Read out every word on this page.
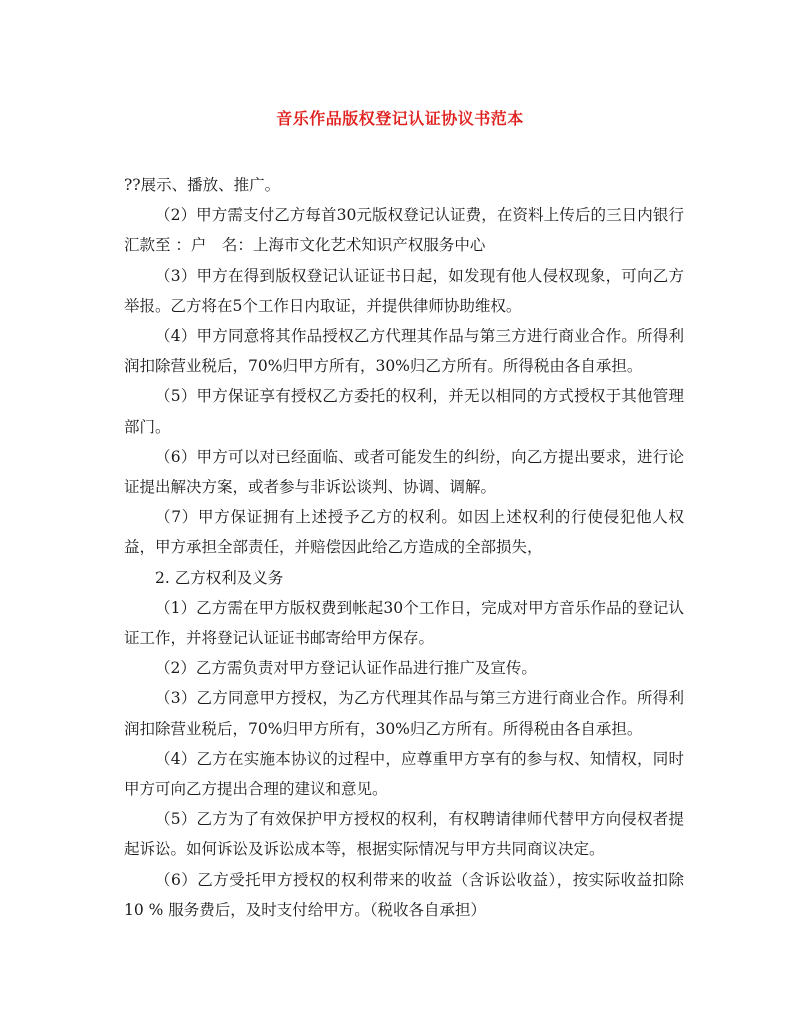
音乐作品版权登记认证协议书范本

??展示、播放、推广。

（2）甲方需支付乙方每首30元版权登记认证费，在资料上传后的三日内银行汇款至 ：户　名：上海市文化艺术知识产权服务中心

（3）甲方在得到版权登记认证证书日起，如发现有他人侵权现象，可向乙方举报。乙方将在5个工作日内取证，并提供律师协助维权。

（4）甲方同意将其作品授权乙方代理其作品与第三方进行商业合作。所得利润扣除营业税后，70%归甲方所有，30%归乙方所有。所得税由各自承担。

（5）甲方保证享有授权乙方委托的权利，并无以相同的方式授权于其他管理部门。

（6）甲方可以对已经面临、或者可能发生的纠纷，向乙方提出要求，进行论证提出解决方案，或者参与非诉讼谈判、协调、调解。

（7）甲方保证拥有上述授予乙方的权利。如因上述权利的行使侵犯他人权益，甲方承担全部责任，并赔偿因此给乙方造成的全部损失，

2. 乙方权利及义务

（1）乙方需在甲方版权费到帐起30个工作日，完成对甲方音乐作品的登记认证工作，并将登记认证证书邮寄给甲方保存。

（2）乙方需负责对甲方登记认证作品进行推广及宣传。

（3）乙方同意甲方授权，为乙方代理其作品与第三方进行商业合作。所得利润扣除营业税后，70%归甲方所有，30%归乙方所有。所得税由各自承担。

（4）乙方在实施本协议的过程中，应尊重甲方享有的参与权、知情权，同时甲方可向乙方提出合理的建议和意见。

（5）乙方为了有效保护甲方授权的权利，有权聘请律师代替甲方向侵权者提起诉讼。如何诉讼及诉讼成本等，根据实际情况与甲方共同商议决定。

（6）乙方受托甲方授权的权利带来的收益（含诉讼收益），按实际收益扣除10 % 服务费后，及时支付给甲方。（税收各自承担）
